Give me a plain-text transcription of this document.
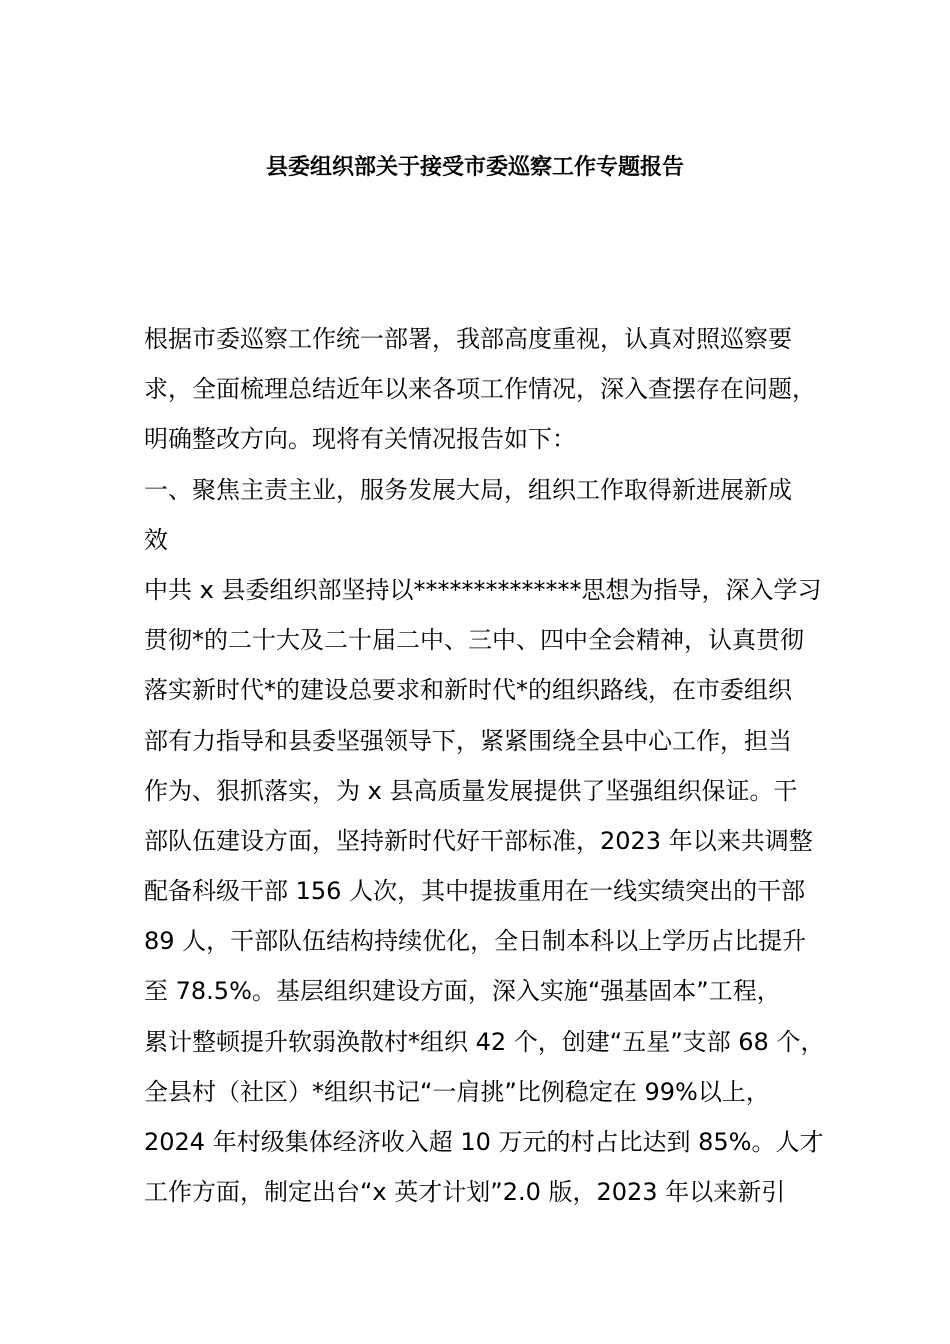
县委组织部关于接受市委巡察工作专题报告
根据市委巡察工作统一部署，我部高度重视，认真对照巡察要
求，全面梳理总结近年以来各项工作情况，深入查摆存在问题，
明确整改方向。现将有关情况报告如下：
一、聚焦主责主业，服务发展大局，组织工作取得新进展新成
效
中共 x 县委组织部坚持以**************思想为指导，深入学习
贯彻*的二十大及二十届二中、三中、四中全会精神，认真贯彻
落实新时代*的建设总要求和新时代*的组织路线，在市委组织
部有力指导和县委坚强领导下，紧紧围绕全县中心工作，担当
作为、狠抓落实，为 x 县高质量发展提供了坚强组织保证。干
部队伍建设方面，坚持新时代好干部标准，2023 年以来共调整
配备科级干部 156 人次，其中提拔重用在一线实绩突出的干部
89 人，干部队伍结构持续优化，全日制本科以上学历占比提升
至 78.5%。基层组织建设方面，深入实施“强基固本”工程，
累计整顿提升软弱涣散村*组织 42 个，创建“五星”支部 68 个，
全县村（社区）*组织书记“一肩挑”比例稳定在 99%以上，
2024 年村级集体经济收入超 10 万元的村占比达到 85%。人才
工作方面，制定出台“x 英才计划”2.0 版，2023 年以来新引
